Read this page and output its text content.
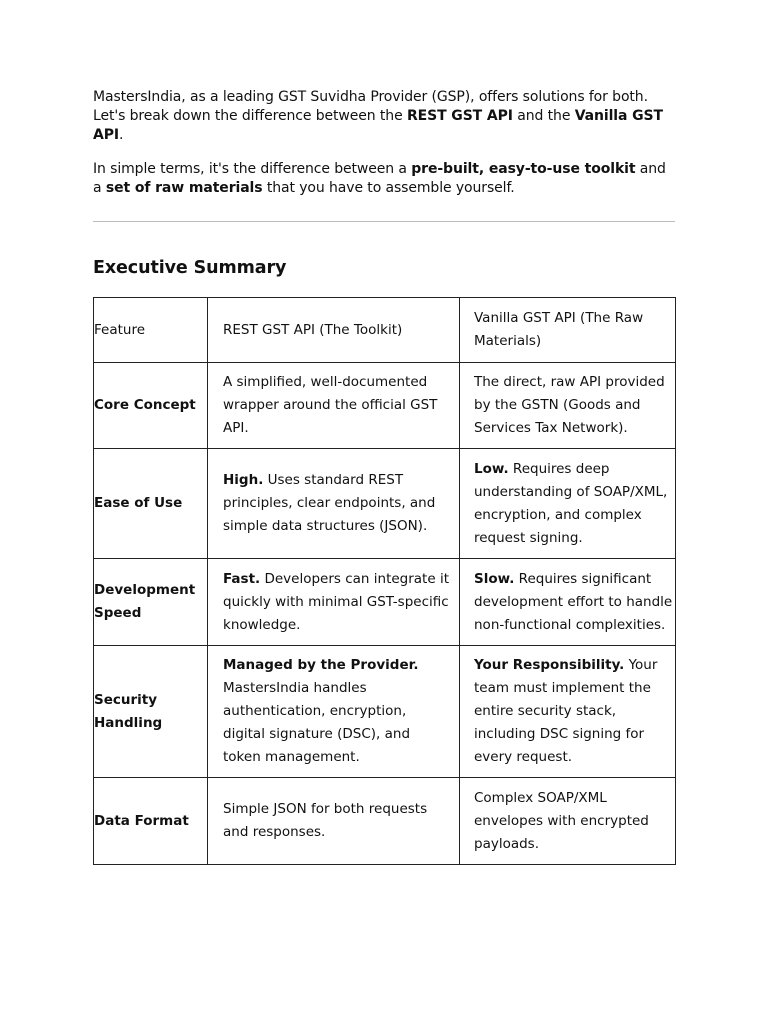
MastersIndia, as a leading GST Suvidha Provider (GSP), offers solutions for both. Let's break down the difference between the REST GST API and the Vanilla GST API.

In simple terms, it's the difference between a pre-built, easy-to-use toolkit and a set of raw materials that you have to assemble yourself.

Executive Summary
Feature	REST GST API (The Toolkit)	Vanilla GST API (The Raw Materials)

Core Concept	A simplified, well-documented wrapper around the official GST API.	The direct, raw API provided by the GSTN (Goods and Services Tax Network).

Ease of Use	High. Uses standard REST principles, clear endpoints, and simple data structures (JSON).	Low. Requires deep understanding of SOAP/XML, encryption, and complex request signing.

Development Speed	Fast. Developers can integrate it quickly with minimal GST-specific knowledge.	Slow. Requires significant development effort to handle non-functional complexities.

Security Handling	Managed by the Provider. MastersIndia handles authentication, encryption, digital signature (DSC), and token management.	Your Responsibility. Your team must implement the entire security stack, including DSC signing for every request.

Data Format	Simple JSON for both requests and responses.	Complex SOAP/XML envelopes with encrypted payloads.
